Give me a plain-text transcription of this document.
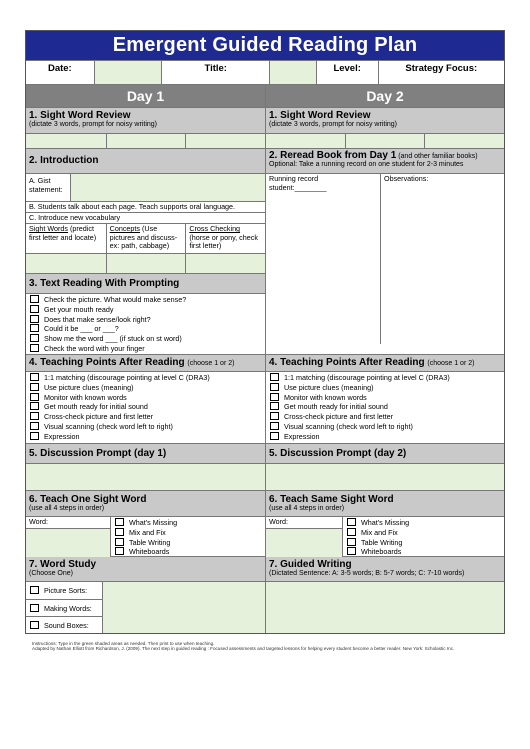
Emergent Guided Reading Plan
Date:	Title:	Level:	Strategy Focus:
Day 1	Day 2
1. Sight Word Review
(dictate 3 words, prompt for noisy writing)
1. Sight Word Review
(dictate 3 words, prompt for noisy writing)
2. Introduction
A. Gist statement:
B. Students talk about each page. Teach supports oral language.
C. Introduce new vocabulary
Sight Words (predict first letter and locate)
Concepts (Use pictures and discuss- ex: path, cabbage)
Cross Checking (horse or pony, check first letter)
3. Text Reading With Prompting
Check the picture. What would make sense?
Get your mouth ready
Does that make sense/look right?
Could it be ___ or ___?
Show me the word ___ (if stuck on st word)
Check the word with your finger
2. Reread Book from Day 1 (and other familiar books)
Optional: Take a running record on one student for 2-3 minutes
Running record student:________
Observations:
4. Teaching Points After Reading (choose 1 or 2)	4. Teaching Points After Reading (choose 1 or 2)
1:1 matching (discourage pointing at level C (DRA3)
Use picture clues (meaning)
Monitor with known words
Get mouth ready for initial sound
Cross-check picture and first letter
Visual scanning (check word left to right)
Expression
1:1 matching (discourage pointing at level C (DRA3)
Use picture clues (meaning)
Monitor with known words
Get mouth ready for initial sound
Cross-check picture and first letter
Visual scanning (check word left to right)
Expression
5. Discussion Prompt (day 1)	5. Discussion Prompt (day 2)
6. Teach One Sight Word
(use all 4 steps in order)
6. Teach Same Sight Word
(use all 4 steps in order)
Word:	What's Missing
Mix and Fix
Table Writing
Whiteboards
Word:	What's Missing
Mix and Fix
Table Writing
Whiteboards
7. Word Study
(Choose One)
7. Guided Writing
(Dictated Sentence: A: 3-5 words; B: 5-7 words; C: 7-10 words)
Picture Sorts:
Making Words:
Sound Boxes:
Instructions: Type in the green shaded areas as needed. Then print to use when teaching.
Adapted by Nathan Elliott from Richardson, J. (2009). The next step in guided reading : Focused assessments and targeted lessons for helping every student become a better reader. New York: Scholastic Inc.
